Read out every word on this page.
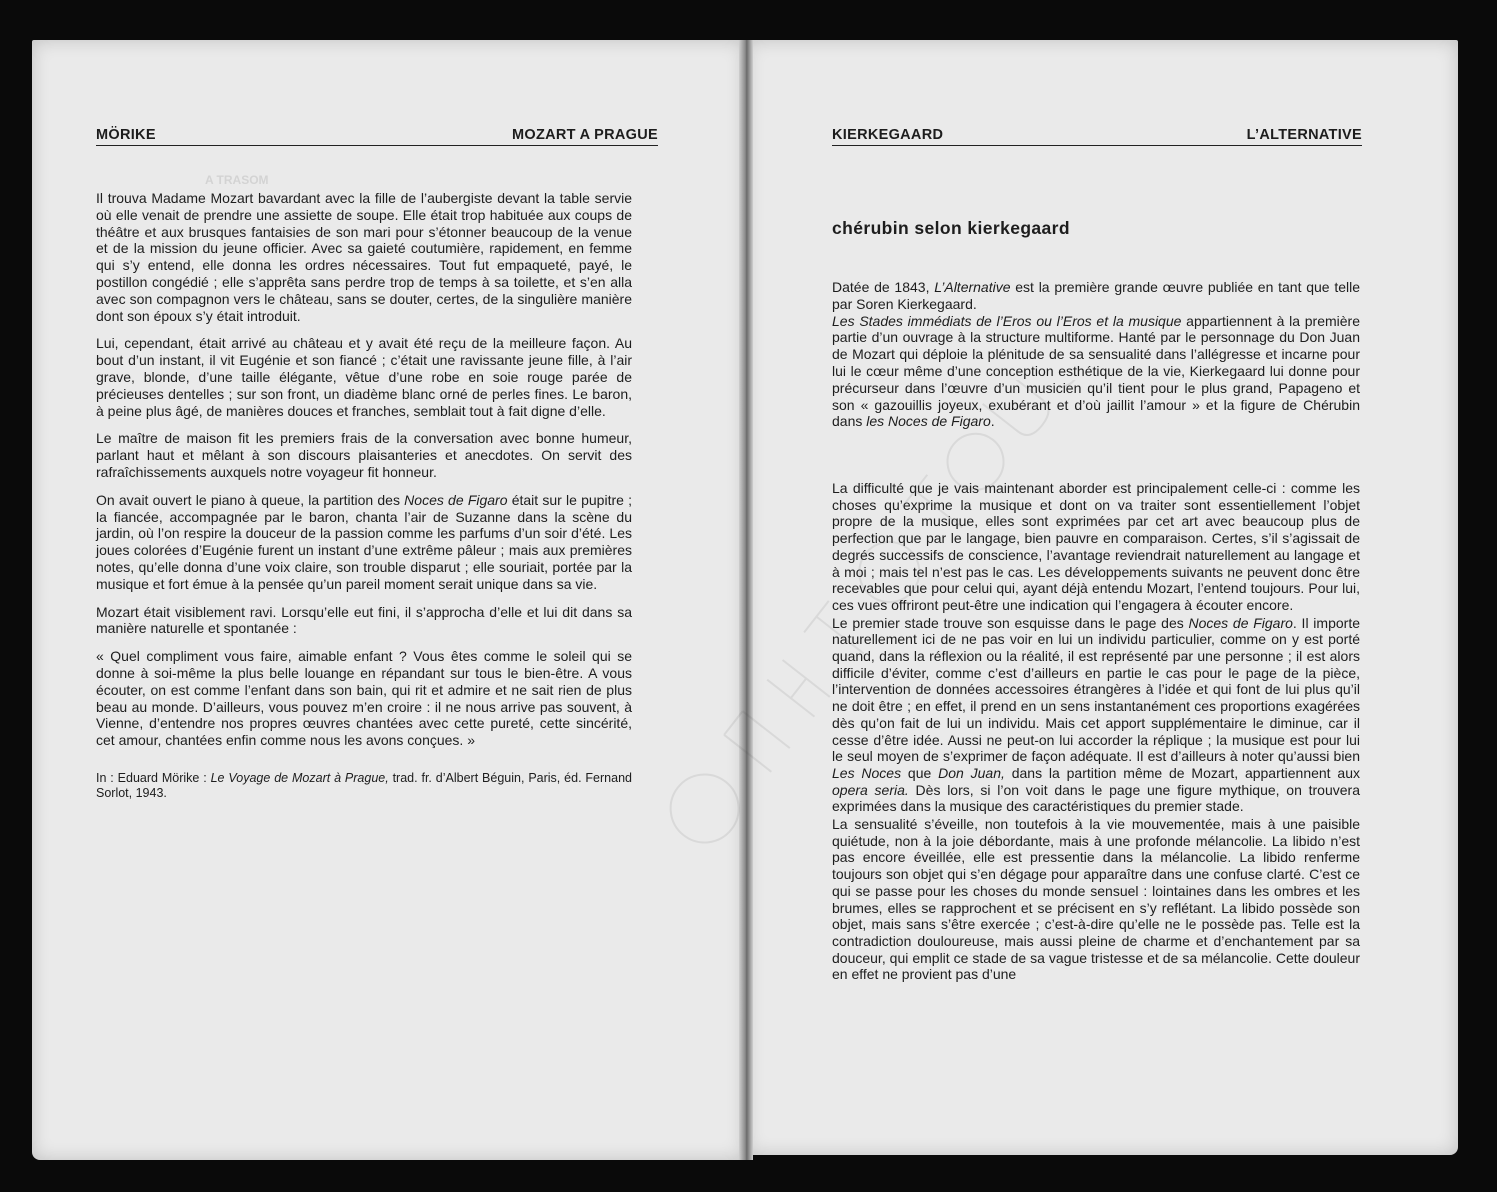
MÖRIKE	MOZART A PRAGUE
A TRASOM

Il trouva Madame Mozart bavardant avec la fille de l’aubergiste devant la table servie où elle venait de prendre une assiette de soupe. Elle était trop habituée aux coups de théâtre et aux brusques fantaisies de son mari pour s’étonner beaucoup de la venue et de la mission du jeune officier. Avec sa gaieté coutumière, rapidement, en femme qui s’y entend, elle donna les ordres nécessaires. Tout fut empaqueté, payé, le postillon congédié ; elle s’apprêta sans perdre trop de temps à sa toilette, et s’en alla avec son compagnon vers le château, sans se douter, certes, de la singulière manière dont son époux s’y était introduit.

Lui, cependant, était arrivé au château et y avait été reçu de la meilleure façon. Au bout d’un instant, il vit Eugénie et son fiancé ; c’était une ravissante jeune fille, à l’air grave, blonde, d’une taille élégante, vêtue d’une robe en soie rouge parée de précieuses dentelles ; sur son front, un diadème blanc orné de perles fines. Le baron, à peine plus âgé, de manières douces et franches, semblait tout à fait digne d’elle.

Le maître de maison fit les premiers frais de la conversation avec bonne humeur, parlant haut et mêlant à son discours plaisanteries et anecdotes. On servit des rafraîchissements auxquels notre voyageur fit honneur.

On avait ouvert le piano à queue, la partition des Noces de Figaro était sur le pupitre ; la fiancée, accompagnée par le baron, chanta l’air de Suzanne dans la scène du jardin, où l’on respire la douceur de la passion comme les parfums d’un soir d’été. Les joues colorées d’Eugénie furent un instant d’une extrême pâleur ; mais aux premières notes, qu’elle donna d’une voix claire, son trouble disparut ; elle souriait, portée par la musique et fort émue à la pensée qu’un pareil moment serait unique dans sa vie.

Mozart était visiblement ravi. Lorsqu’elle eut fini, il s’approcha d’elle et lui dit dans sa manière naturelle et spontanée :

« Quel compliment vous faire, aimable enfant ? Vous êtes comme le soleil qui se donne à soi-même la plus belle louange en répandant sur tous le bien-être. A vous écouter, on est comme l’enfant dans son bain, qui rit et admire et ne sait rien de plus beau au monde. D’ailleurs, vous pouvez m’en croire : il ne nous arrive pas souvent, à Vienne, d’entendre nos propres œuvres chantées avec cette pureté, cette sincérité, cet amour, chantées enfin comme nous les avons conçues. »

In : Eduard Mörike : Le Voyage de Mozart à Prague, trad. fr. d’Albert Béguin, Paris, éd. Fernand Sorlot, 1943.

KIERKEGAARD	L’ALTERNATIVE
chérubin selon kierkegaard

Datée de 1843, L’Alternative est la première grande œuvre publiée en tant que telle par Soren Kierkegaard.

Les Stades immédiats de l’Eros ou l’Eros et la musique appartiennent à la première partie d’un ouvrage à la structure multiforme. Hanté par le personnage du Don Juan de Mozart qui déploie la plénitude de sa sensualité dans l’allégresse et incarne pour lui le cœur même d’une conception esthétique de la vie, Kierkegaard lui donne pour précurseur dans l’œuvre d’un musicien qu’il tient pour le plus grand, Papageno et son « gazouillis joyeux, exubérant et d’où jaillit l’amour » et la figure de Chérubin dans les Noces de Figaro.

La difficulté que je vais maintenant aborder est principalement celle-ci : comme les choses qu’exprime la musique et dont on va traiter sont essentiellement l’objet propre de la musique, elles sont exprimées par cet art avec beaucoup plus de perfection que par le langage, bien pauvre en comparaison. Certes, s’il s’agissait de degrés successifs de conscience, l’avantage reviendrait naturellement au langage et à moi ; mais tel n’est pas le cas. Les développements suivants ne peuvent donc être recevables que pour celui qui, ayant déjà entendu Mozart, l’entend toujours. Pour lui, ces vues offriront peut-être une indication qui l’engagera à écouter encore.

Le premier stade trouve son esquisse dans le page des Noces de Figaro. Il importe naturellement ici de ne pas voir en lui un individu particulier, comme on y est porté quand, dans la réflexion ou la réalité, il est représenté par une personne ; il est alors difficile d’éviter, comme c’est d’ailleurs en partie le cas pour le page de la pièce, l’intervention de données accessoires étrangères à l’idée et qui font de lui plus qu’il ne doit être ; en effet, il prend en un sens instantanément ces proportions exagérées dès qu’on fait de lui un individu. Mais cet apport supplémentaire le diminue, car il cesse d’être idée. Aussi ne peut-on lui accorder la réplique ; la musique est pour lui le seul moyen de s’exprimer de façon adéquate. Il est d’ailleurs à noter qu’aussi bien Les Noces que Don Juan, dans la partition même de Mozart, appartiennent aux opera seria. Dès lors, si l’on voit dans le page une figure mythique, on trouvera exprimées dans la musique des caractéristiques du premier stade.

La sensualité s’éveille, non toutefois à la vie mouvementée, mais à une paisible quiétude, non à la joie débordante, mais à une profonde mélancolie. La libido n’est pas encore éveillée, elle est pressentie dans la mélancolie. La libido renferme toujours son objet qui s’en dégage pour apparaître dans une confuse clarté. C’est ce qui se passe pour les choses du monde sensuel : lointaines dans les ombres et les brumes, elles se rapprochent et se précisent en s’y reflétant. La libido possède son objet, mais sans s’être exercée ; c’est-à-dire qu’elle ne le possède pas. Telle est la contradiction douloureuse, mais aussi pleine de charme et d’enchantement par sa douceur, qui emplit ce stade de sa vague tristesse et de sa mélancolie. Cette douleur en effet ne provient pas d’une
